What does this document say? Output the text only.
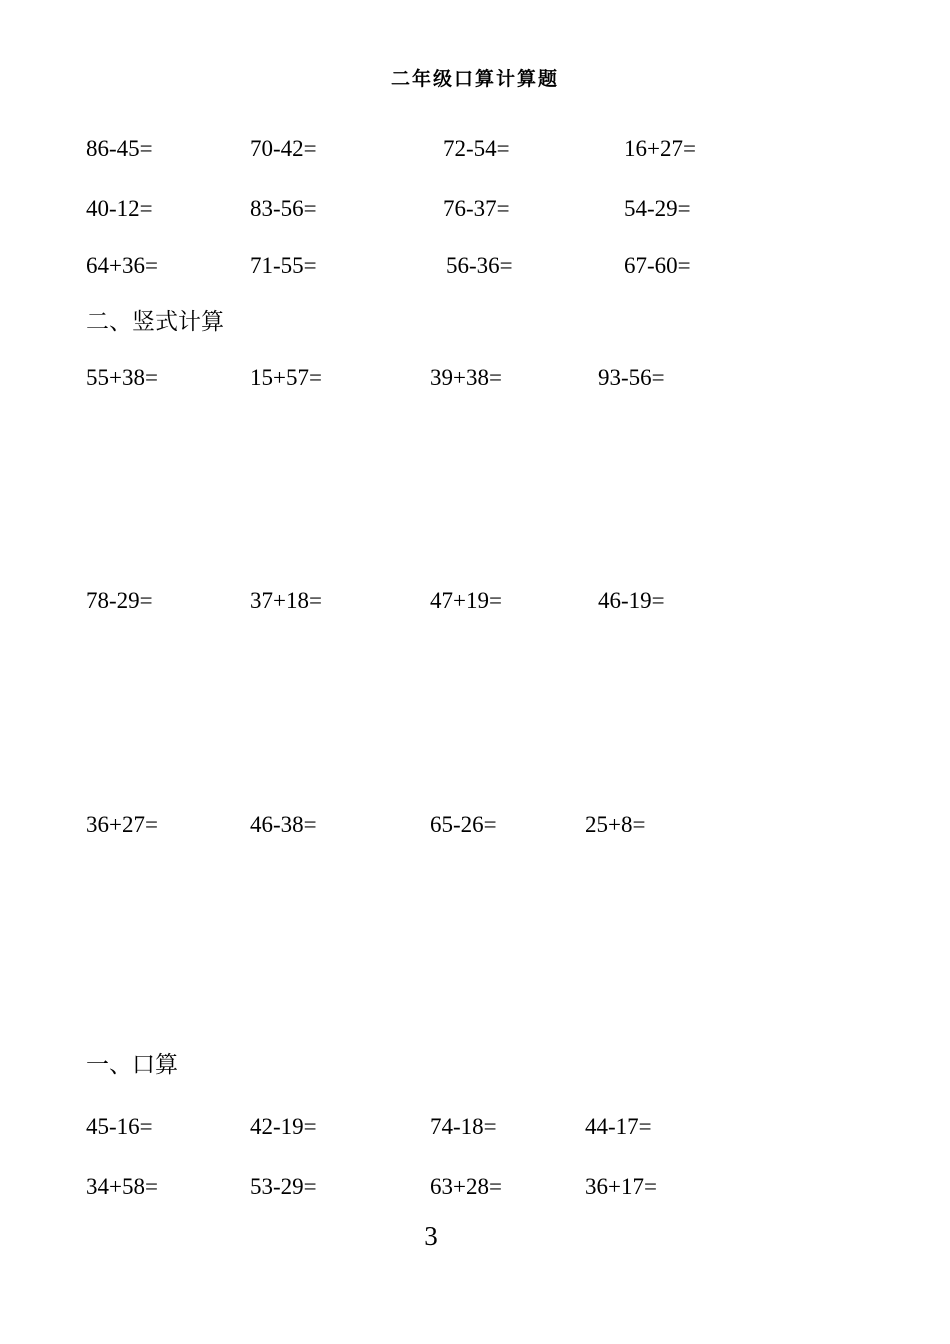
二年级口算计算题
86-45=	70-42=	72-54=	16+27=
40-12=	83-56=	76-37=	54-29=
64+36=	71-55=	56-36=	67-60=
二、竖式计算
55+38=	15+57=	39+38=	93-56=
78-29=	37+18=	47+19=	46-19=
36+27=	46-38=	65-26=	25+8=
一、口算
45-16=	42-19=	74-18=	44-17=
34+58=	53-29=	63+28=	36+17=
3
